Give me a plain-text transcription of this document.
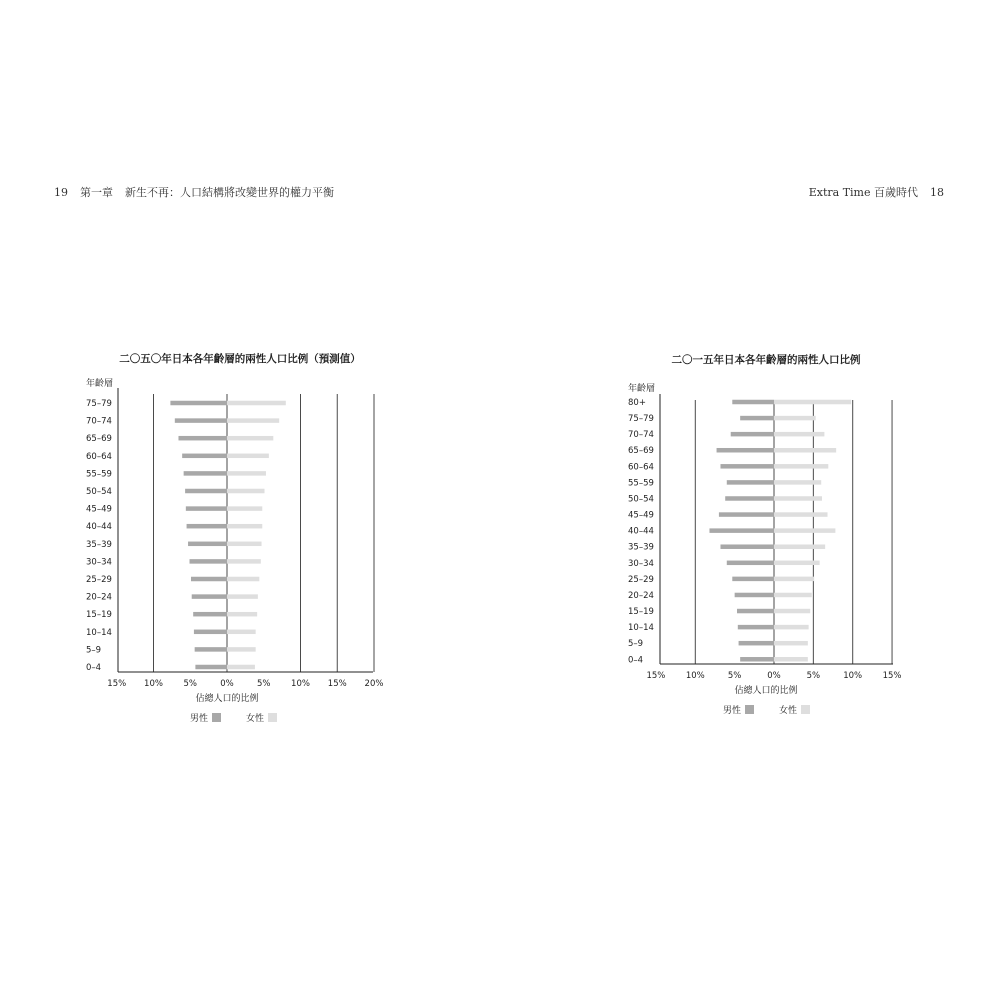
19 第一章 新生不再：人口結構將改變世界的權力平衡	Extra Time 百歲時代 18
二〇五〇年日本各年齡層的兩性人口比例（預測值）
年齡層
75–79
70–74
65–69
60–64
55–59
50–54
45–49
40–44
35–39
30–34
25–29
20–24
15–19
10–14
5–9
0–4
15% 10% 5%	0%	5% 10% 15% 20%
佔總人口的比例
男性	女性
二〇一五年日本各年齡層的兩性人口比例
年齡層
80+
75–79
70–74
65–69
60–64
55–59
50–54
45–49
40–44
35–39
30–34
25–29
20–24
15–19
10–14
5–9
0–4
15% 10%	5%	0%	5%	10% 15%
佔總人口的比例
男性	女性
